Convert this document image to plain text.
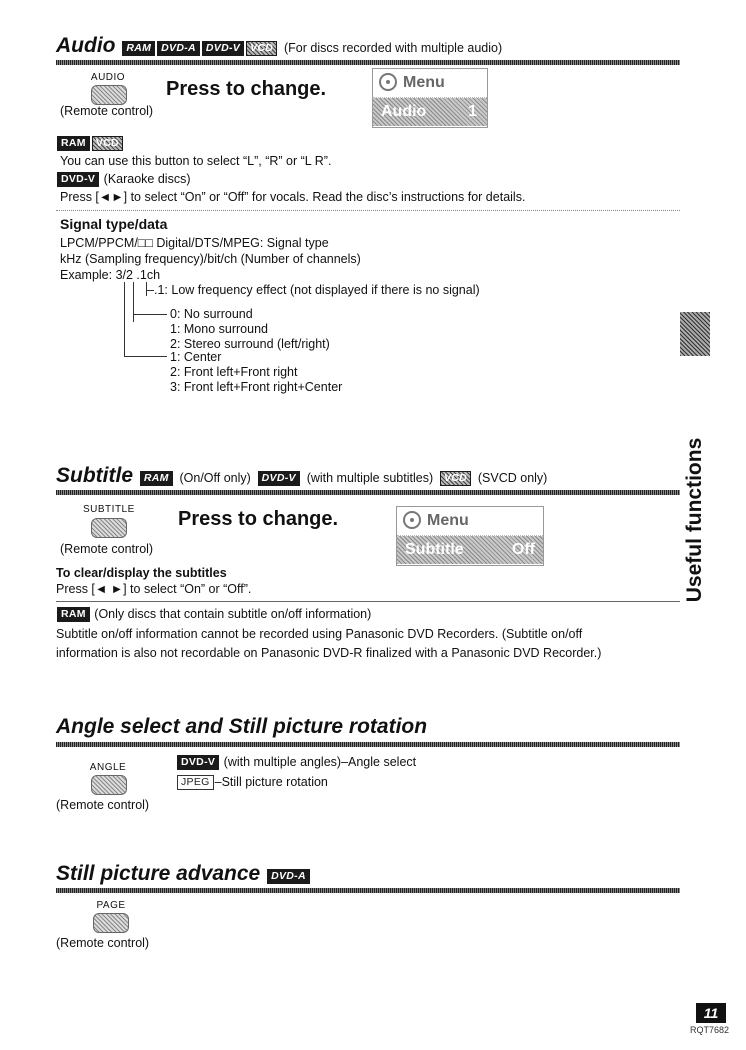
Audio RAM DVD-A DVD-V VCD (For discs recorded with multiple audio)
AUDIO
Press to change.
(Remote control)
Menu
Audio	1
RAM VCD
You can use this button to select “L”, “R” or “L R”.
DVD-V (Karaoke discs)
Press [◄►] to select “On” or “Off” for vocals. Read the disc’s instructions for details.
Signal type/data
LPCM/PPCM/□□ Digital/DTS/MPEG: Signal type
kHz (Sampling frequency)/bit/ch (Number of channels)
Example: 3/2 .1ch
.1: Low frequency effect (not displayed if there is no signal)
0: No surround
1: Mono surround
2: Stereo surround (left/right)
1: Center
2: Front left+Front right
3: Front left+Front right+Center
Subtitle RAM (On/Off only) DVD-V (with multiple subtitles) VCD (SVCD only)
SUBTITLE Press to change.
(Remote control)
Menu
Subtitle	Off
To clear/display the subtitles
Press [◄ ►] to select “On” or “Off”.
RAM (Only discs that contain subtitle on/off information)
Subtitle on/off information cannot be recorded using Panasonic DVD Recorders. (Subtitle on/off
information is also not recordable on Panasonic DVD-R finalized with a Panasonic DVD Recorder.)
Angle select and Still picture rotation
ANGLE
(Remote control)
DVD-V (with multiple angles)–Angle select
JPEG –Still picture rotation
Still picture advance DVD-A
PAGE
(Remote control)
Useful functions
11
RQT7682
